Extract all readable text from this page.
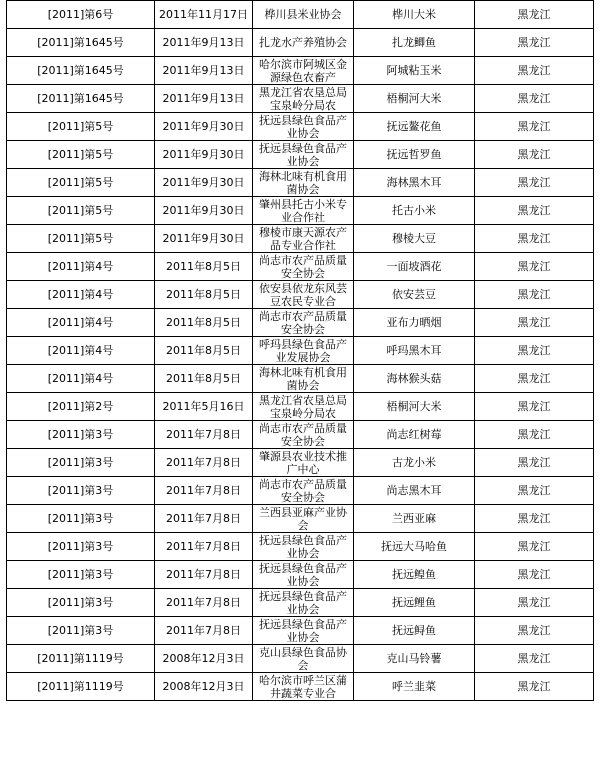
[2011]第6号	2011年11月17日	桦川县米业协会	桦川大米	黑龙江
[2011]第1645号	2011年9月13日	扎龙水产养殖协会	扎龙鲫鱼	黑龙江
[2011]第1645号	2011年9月13日	哈尔滨市阿城区金源绿色农畜产	阿城粘玉米	黑龙江
[2011]第1645号	2011年9月13日	黑龙江省农垦总局宝泉岭分局农	梧桐河大米	黑龙江
[2011]第5号	2011年9月30日	抚远县绿色食品产业协会	抚远鳌花鱼	黑龙江
[2011]第5号	2011年9月30日	抚远县绿色食品产业协会	抚远哲罗鱼	黑龙江
[2011]第5号	2011年9月30日	海林北味有机食用菌协会	海林黑木耳	黑龙江
[2011]第5号	2011年9月30日	肇州县托古小米专业合作社	托古小米	黑龙江
[2011]第5号	2011年9月30日	穆棱市康天源农产品专业合作社	穆棱大豆	黑龙江
[2011]第4号	2011年8月5日	尚志市农产品质量安全协会	一面坡酒花	黑龙江
[2011]第4号	2011年8月5日	依安县依龙东风芸豆农民专业合	依安芸豆	黑龙江
[2011]第4号	2011年8月5日	尚志市农产品质量安全协会	亚布力晒烟	黑龙江
[2011]第4号	2011年8月5日	呼玛县绿色食品产业发展协会	呼玛黑木耳	黑龙江
[2011]第4号	2011年8月5日	海林北味有机食用菌协会	海林猴头菇	黑龙江
[2011]第2号	2011年5月16日	黑龙江省农垦总局宝泉岭分局农	梧桐河大米	黑龙江
[2011]第3号	2011年7月8日	尚志市农产品质量安全协会	尚志红树莓	黑龙江
[2011]第3号	2011年7月8日	肇源县农业技术推广中心	古龙小米	黑龙江
[2011]第3号	2011年7月8日	尚志市农产品质量安全协会	尚志黑木耳	黑龙江
[2011]第3号	2011年7月8日	兰西县亚麻产业协会	兰西亚麻	黑龙江
[2011]第3号	2011年7月8日	抚远县绿色食品产业协会	抚远大马哈鱼	黑龙江
[2011]第3号	2011年7月8日	抚远县绿色食品产业协会	抚远鳇鱼	黑龙江
[2011]第3号	2011年7月8日	抚远县绿色食品产业协会	抚远鲤鱼	黑龙江
[2011]第3号	2011年7月8日	抚远县绿色食品产业协会	抚远鲟鱼	黑龙江
[2011]第1119号	2008年12月3日	克山县绿色食品协会	克山马铃薯	黑龙江
[2011]第1119号	2008年12月3日	哈尔滨市呼兰区蒲井蔬菜专业合	呼兰韭菜	黑龙江
